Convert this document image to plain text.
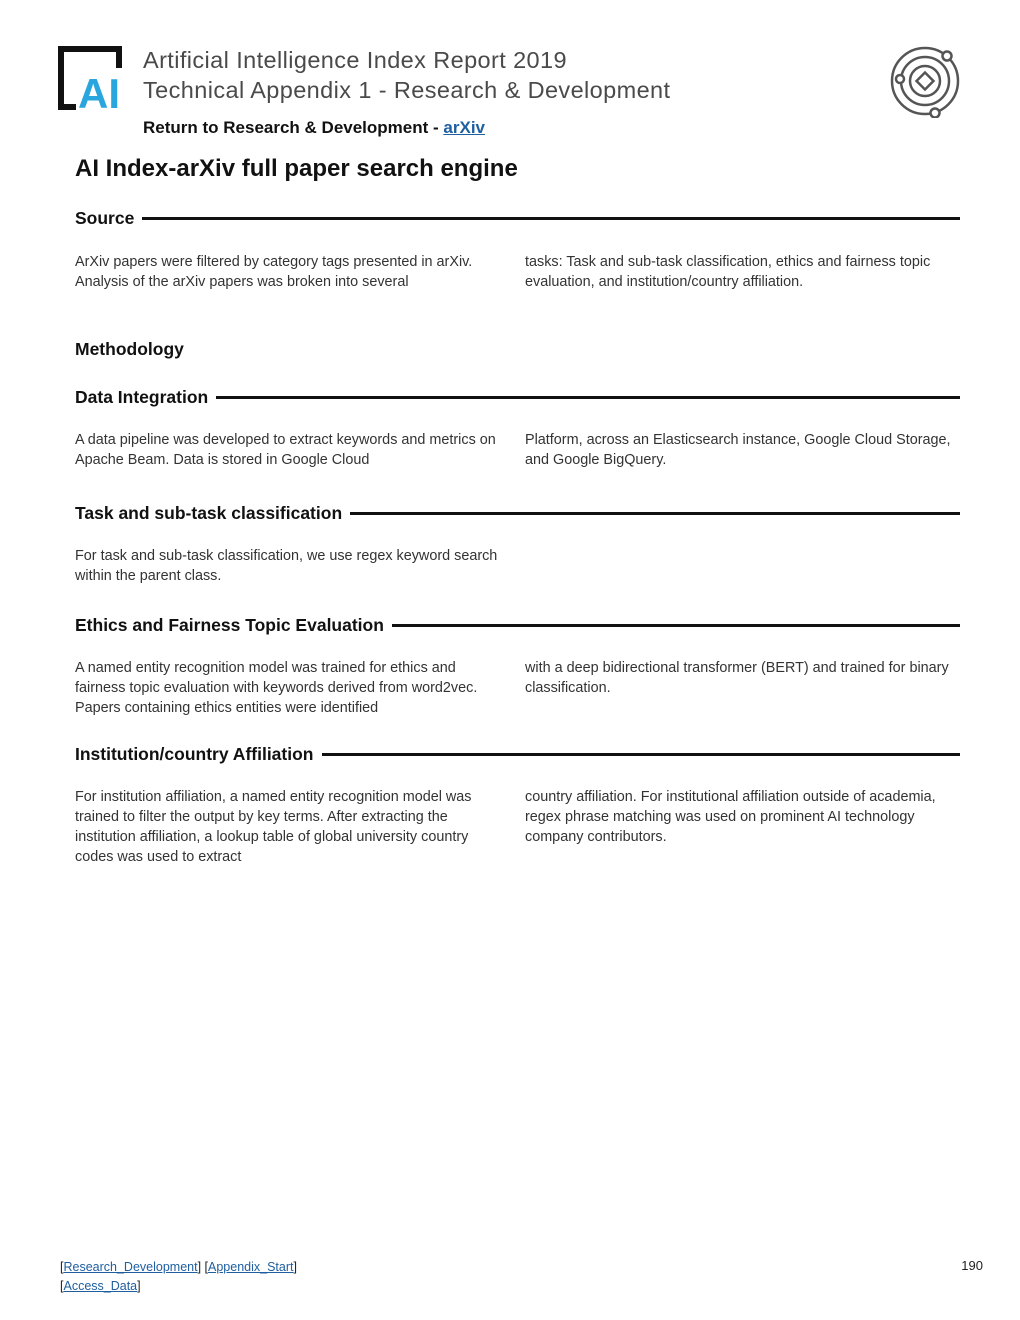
AI
Artificial Intelligence Index Report 2019
Technical Appendix 1 - Research & Development
Return to Research & Development - arXiv
AI Index-arXiv full paper search engine
Source
ArXiv papers were filtered by category tags presented in arXiv. Analysis of the arXiv papers was broken into several
tasks: Task and sub-task classification, ethics and fairness topic evaluation, and institution/country affiliation.
Methodology
Data Integration
A data pipeline was developed to extract keywords and metrics on Apache Beam. Data is stored in Google Cloud
Platform, across an Elasticsearch instance, Google Cloud Storage, and Google BigQuery.
Task and sub-task classification
For task and sub-task classification, we use regex keyword search within the parent class.
Ethics and Fairness Topic Evaluation
A named entity recognition model was trained for ethics and fairness topic evaluation with keywords derived from word2vec. Papers containing ethics entities were identified
with a deep bidirectional transformer (BERT) and trained for binary classification.
Institution/country Affiliation
For institution affiliation, a named entity recognition model was trained to filter the output by key terms. After extracting the institution affiliation, a lookup table of global university country codes was used to extract
country affiliation. For institutional affiliation outside of academia, regex phrase matching was used on prominent AI technology company contributors.
[Research_Development] [Appendix_Start]
[Access_Data]
190
